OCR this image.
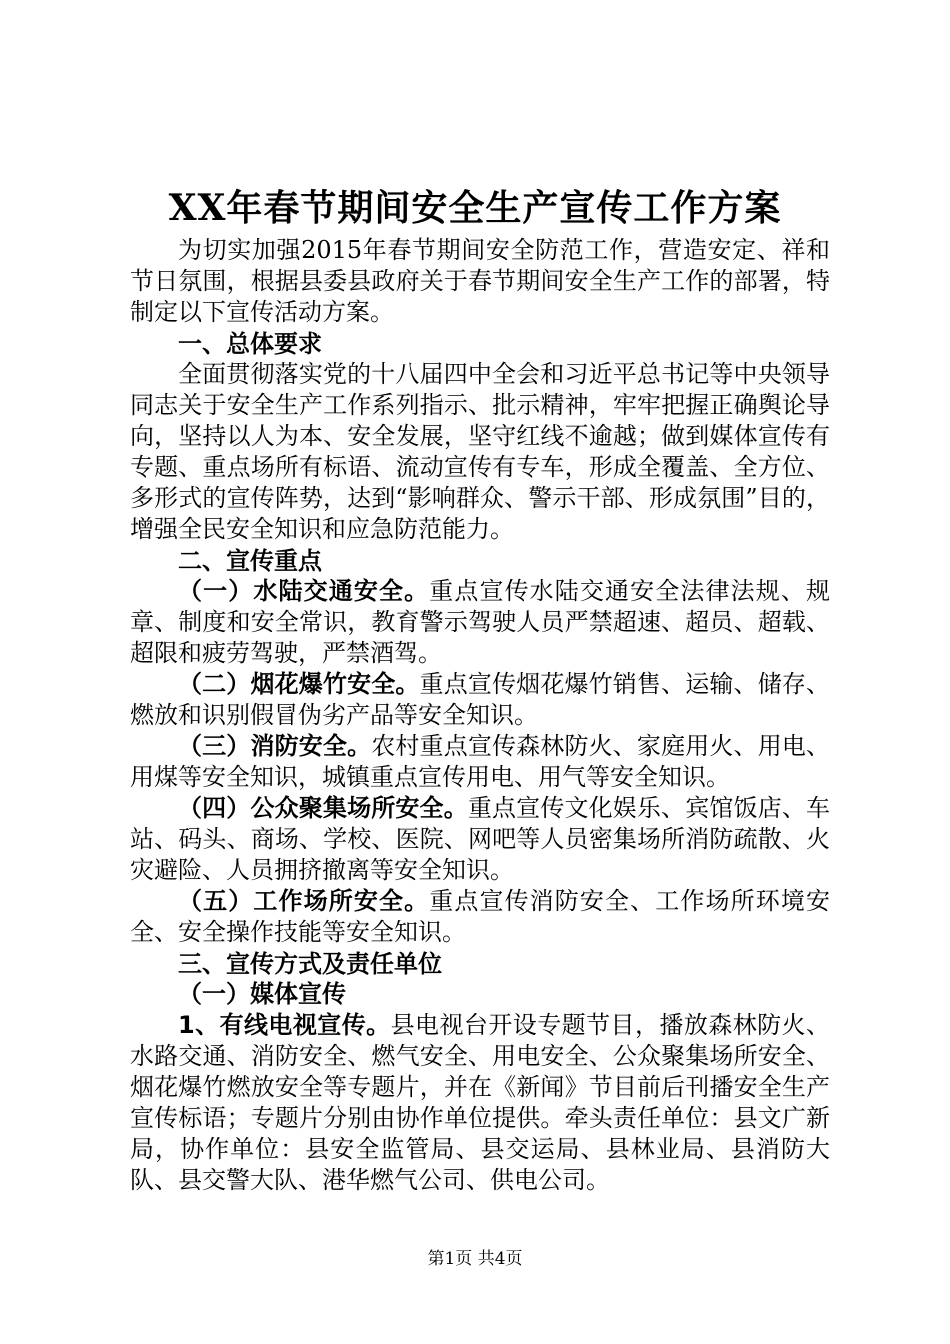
XX年春节期间安全生产宣传工作方案

为切实加强2015年春节期间安全防范工作，营造安定、祥和节日氛围，根据县委县政府关于春节期间安全生产工作的部署，特制定以下宣传活动方案。

一、总体要求

全面贯彻落实党的十八届四中全会和习近平总书记等中央领导同志关于安全生产工作系列指示、批示精神，牢牢把握正确舆论导向，坚持以人为本、安全发展，坚守红线不逾越；做到媒体宣传有专题、重点场所有标语、流动宣传有专车，形成全覆盖、全方位、多形式的宣传阵势，达到“影响群众、警示干部、形成氛围”目的，增强全民安全知识和应急防范能力。

二、宣传重点

（一）水陆交通安全。重点宣传水陆交通安全法律法规、规章、制度和安全常识，教育警示驾驶人员严禁超速、超员、超载、超限和疲劳驾驶，严禁酒驾。

（二）烟花爆竹安全。重点宣传烟花爆竹销售、运输、储存、燃放和识别假冒伪劣产品等安全知识。

（三）消防安全。农村重点宣传森林防火、家庭用火、用电、用煤等安全知识，城镇重点宣传用电、用气等安全知识。

（四）公众聚集场所安全。重点宣传文化娱乐、宾馆饭店、车站、码头、商场、学校、医院、网吧等人员密集场所消防疏散、火灾避险、人员拥挤撤离等安全知识。

（五）工作场所安全。重点宣传消防安全、工作场所环境安全、安全操作技能等安全知识。

三、宣传方式及责任单位

（一）媒体宣传

1、有线电视宣传。县电视台开设专题节目，播放森林防火、水路交通、消防安全、燃气安全、用电安全、公众聚集场所安全、烟花爆竹燃放安全等专题片，并在《新闻》节目前后刊播安全生产宣传标语；专题片分别由协作单位提供。牵头责任单位：县文广新局，协作单位：县安全监管局、县交运局、县林业局、县消防大队、县交警大队、港华燃气公司、供电公司。

第1页 共4页
